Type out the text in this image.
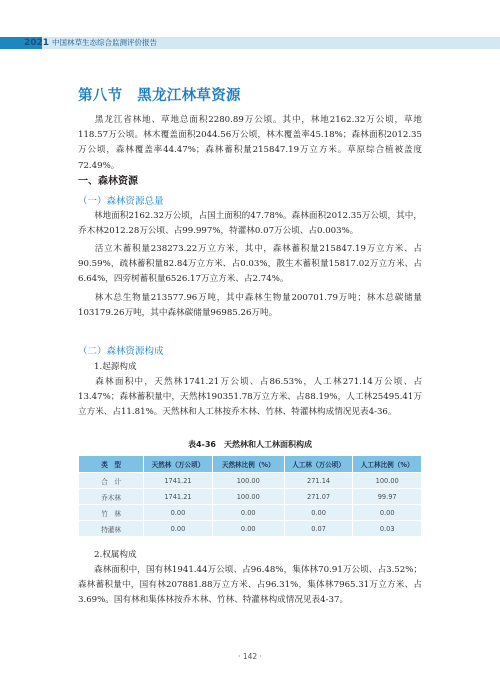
2021 中国林草生态综合监测评价报告
第八节　黑龙江林草资源
黑龙江省林地、草地总面积2280.89万公顷。其中，林地2162.32万公顷，草地118.57万公顷。林木覆盖面积2044.56万公顷，林木覆盖率45.18%；森林面积2012.35万公顷，森林覆盖率44.47%；森林蓄积量215847.19万立方米。草原综合植被盖度72.49%。
一、森林资源
（一）森林资源总量
林地面积2162.32万公顷，占国土面积的47.78%。森林面积2012.35万公顷，其中，乔木林2012.28万公顷、占99.997%，特灌林0.07万公顷、占0.003%。
活立木蓄积量238273.22万立方米，其中，森林蓄积量215847.19万立方米、占90.59%，疏林蓄积量82.84万立方米、占0.03%，散生木蓄积量15817.02万立方米、占6.64%，四旁树蓄积量6526.17万立方米、占2.74%。
林木总生物量213577.96万吨，其中森林生物量200701.79万吨；林木总碳储量103179.26万吨，其中森林碳储量96985.26万吨。
（二）森林资源构成
1.起源构成
森林面积中，天然林1741.21万公顷、占86.53%，人工林271.14万公顷、占13.47%；森林蓄积量中，天然林190351.78万立方米、占88.19%，人工林25495.41万立方米、占11.81%。天然林和人工林按乔木林、竹林、特灌林构成情况见表4-36。
表4-36　天然林和人工林面积构成
类　型	天然林（万公顷）	天然林比例（%）	人工林（万公顷）	人工林比例（%）
合　计	1741.21	100.00	271.14	100.00
乔木林	1741.21	100.00	271.07	99.97
竹　林	0.00	0.00	0.00	0.00
特灌林	0.00	0.00	0.07	0.03
2.权属构成
森林面积中，国有林1941.44万公顷、占96.48%，集体林70.91万公顷、占3.52%；森林蓄积量中，国有林207881.88万立方米、占96.31%，集体林7965.31万立方米、占3.69%。国有林和集体林按乔木林、竹林、特灌林构成情况见表4-37。
· 142 ·
